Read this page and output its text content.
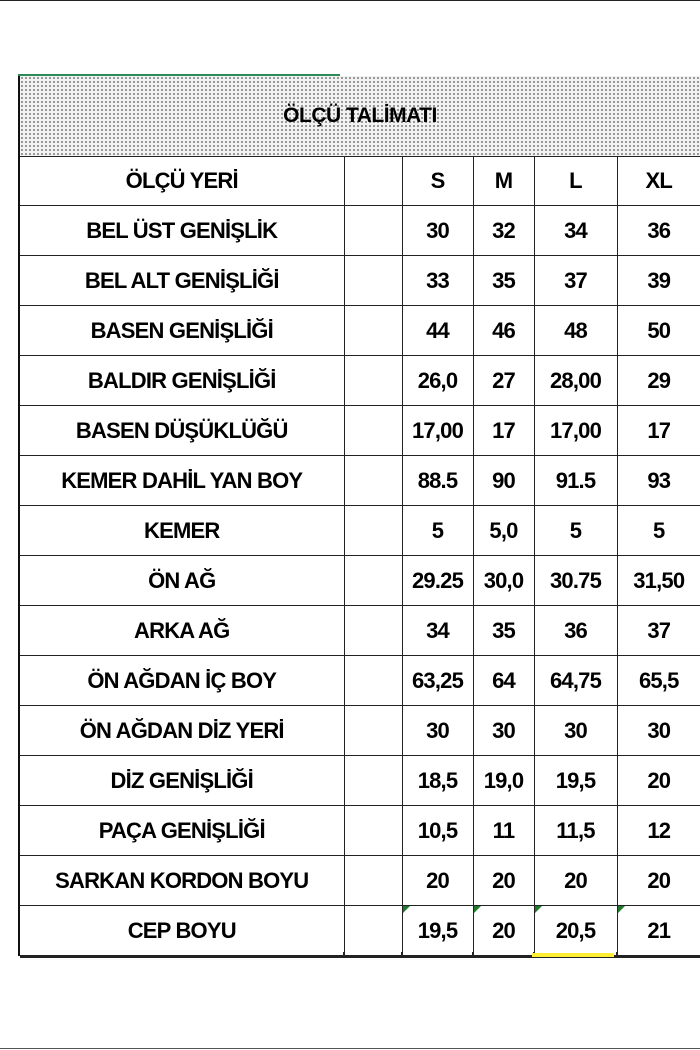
ÖLÇÜ TALİMATI
ÖLÇÜ YERİ		S	M	L	XL
BEL ÜST GENİŞLİK		30	32	34	36
BEL ALT GENİŞLİĞİ		33	35	37	39
BASEN GENİŞLİĞİ		44	46	48	50
BALDIR GENİŞLİĞİ		26,0	27	28,00	29
BASEN DÜŞÜKLÜĞÜ		17,00	17	17,00	17
KEMER DAHİL YAN BOY		88.5	90	91.5	93
KEMER		5	5,0	5	5
ÖN AĞ		29.25	30,0	30.75	31,50
ARKA AĞ		34	35	36	37
ÖN AĞDAN İÇ BOY		63,25	64	64,75	65,5
ÖN AĞDAN DİZ YERİ		30	30	30	30
DİZ GENİŞLİĞİ		18,5	19,0	19,5	20
PAÇA GENİŞLİĞİ		10,5	11	11,5	12
SARKAN KORDON BOYU		20	20	20	20
CEP BOYU		19,5	20	20,5	21
